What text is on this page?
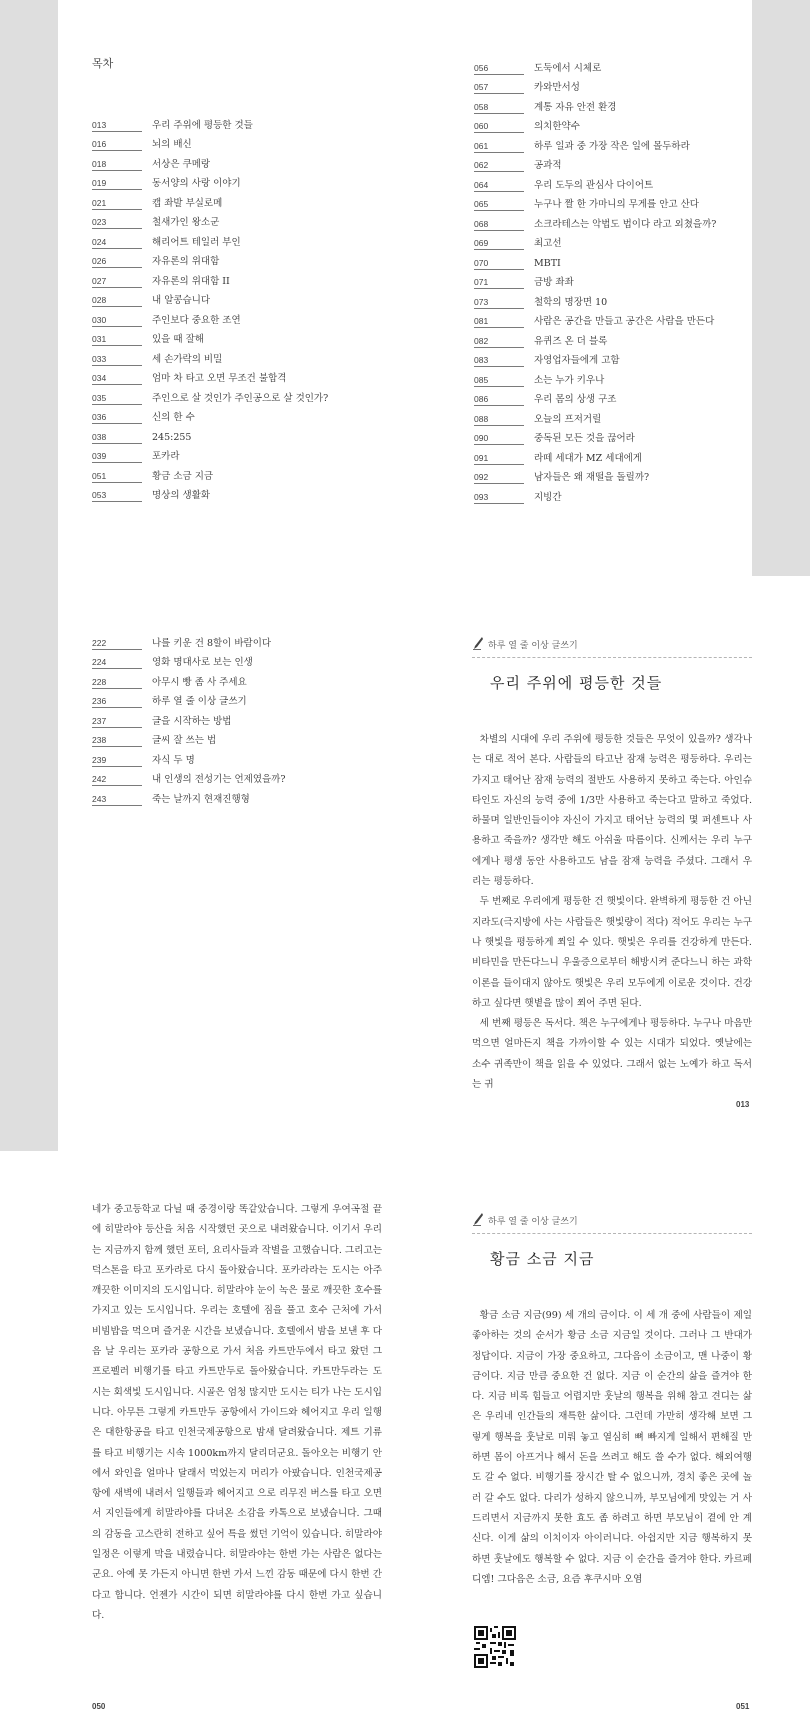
목차
013	우리 주위에 평등한 것들
016	뇌의 배신
018	서상은 쿠메랑
019	동서양의 사랑 이야기
021	캡 좌발 부실로메
023	철새가인 왕소군
024	해리어트 테일러 부인
026	자유론의 위대함
027	자유론의 위대함 II
028	내 알콩습니다
030	주인보다 중요한 조연
031	있을 때 잘해
033	세 손가락의 비밀
034	엄마 차 타고 오면 무조건 불합격
035	주인으로 살 것인가 주인공으로 살 것인가?
036	신의 한 수
038	245:255
039	포카라
051	황금 소금 지금
053	명상의 생활화
056	도둑에서 시체로
057	카와만서성
058	계통 자유 안전 환경
060	의치한약수
061	하루 일과 중 가장 작은 일에 몰두하라
062	공과적
064	우리 도두의 관심사 다이어트
065	누구나 짤 한 가마니의 무게를 안고 산다
068	소크라테스는 악법도 법이다 라고 외쳤을까?
069	최고선
070	MBTI
071	금방 좌좌
073	철학의 명장면 10
081	사람은 공간을 만들고 공간은 사람을 만든다
082	유퀴즈 온 더 블록
083	자영업자들에게 고함
085	소는 누가 키우나
086	우리 몸의 상생 구조
088	오늘의 프저거릴
090	중독된 모든 것을 끊어라
091	라떼 세대가 MZ 세대에게
092	남자들은 왜 재떨을 돌릴까?
093	지빙간
222	나를 키운 건 8할이 바람이다
224	영화 명대사로 보는 인생
228	아무시 빵 좀 사 주세요
236	하루 열 줄 이상 글쓰기
237	글을 시작하는 방법
238	글씨 잘 쓰는 법
239	자식 두 명
242	내 인생의 전성기는 언제였을까?
243	죽는 날까지 현재진행형
하루 열 줄 이상 글쓰기
우리 주위에 평등한 것들

차별의 시대에 우리 주위에 평등한 것들은 무엇이 있을까? 생각나는 대로 적어 본다. 사람들의 타고난 잠재 능력은 평등하다. 우리는 가지고 태어난 잠재 능력의 절반도 사용하지 못하고 죽는다. 아인슈타인도 자신의 능력 중에 1/3만 사용하고 죽는다고 말하고 죽었다. 하물며 일반인들이야 자신이 가지고 태어난 능력의 몇 퍼센트나 사용하고 죽을까? 생각만 해도 아쉬울 따름이다. 신께서는 우리 누구에게나 평생 동안 사용하고도 남을 잠재 능력을 주셨다. 그래서 우리는 평등하다.

두 번째로 우리에게 평등한 건 햇빛이다. 완벽하게 평등한 건 아닌 지라도(극지방에 사는 사람들은 햇빛량이 적다) 적어도 우리는 누구나 햇빛을 평등하게 쬐일 수 있다. 햇빛은 우리를 건강하게 만든다. 비타민을 만든다느니 우울증으로부터 해방시켜 준다느니 하는 과학 이론을 들이대지 않아도 햇빛은 우리 모두에게 이로운 것이다. 건강하고 싶다면 햇볕을 많이 쬐어 주면 된다.

세 번째 평등은 독서다. 책은 누구에게나 평등하다. 누구나 마음만 먹으면 얼마든지 책을 가까이할 수 있는 시대가 되었다. 옛날에는 소수 귀족만이 책을 읽을 수 있었다. 그래서 없는 노예가 하고 독서는 귀

013

네가 중고등학교 다닐 때 중경이랑 똑같았습니다. 그렇게 우여곡절 끝에 히말라야 등산을 처음 시작했던 곳으로 내려왔습니다. 이기서 우리는 지금까지 함께 했던 포터, 요리사들과 작별을 고했습니다. 그리고는 덕스톤을 타고 포카라로 다시 돌아왔습니다. 포카라라는 도시는 아주 깨끗한 이미지의 도시입니다. 히말라야 눈이 녹은 물로 깨끗한 호수를 가지고 있는 도시입니다. 우리는 호텔에 짐을 풀고 호수 근처에 가서 비빔밥을 먹으며 즐거운 시간을 보냈습니다. 호텔에서 밤을 보낸 후 다음 날 우리는 포카라 공항으로 가서 처음 카트만두에서 타고 왔던 그 프로펠러 비행기를 타고 카트만두로 돌아왔습니다. 카트만두라는 도시는 회색빛 도시입니다. 시골은 엄청 많지만 도시는 티가 나는 도시입니다. 아무튼 그렇게 카트만두 공항에서 가이드와 헤어지고 우리 일행은 대한항공을 타고 인천국제공항으로 밤새 달려왔습니다. 제트 기류를 타고 비행기는 시속 1000km까지 달리더군요. 돌아오는 비행기 안에서 와인을 얼마나 달래서 먹었는지 머리가 아팠습니다. 인천국제공항에 새벽에 내려서 일행들과 헤어지고 으로 리무진 버스를 타고 오면서 지인들에게 히말라야를 다녀온 소감을 카톡으로 보냈습니다. 그때의 감동을 고스란히 전하고 싶어 특을 썼던 기억이 있습니다. 히말라야 일정은 이렇게 막을 내렸습니다. 히말라야는 한번 가는 사람은 없다는군요. 아예 못 가든지 아니면 한번 가서 느낀 감동 때문에 다시 한번 간다고 합니다. 언젠가 시간이 되면 히말라야를 다시 한번 가고 싶습니다.

050
하루 열 줄 이상 글쓰기
황금 소금 지금

황금 소금 지금(99) 세 개의 금이다. 이 세 개 중에 사람들이 제일 좋아하는 것의 순서가 황금 소금 지금일 것이다. 그러나 그 반대가 정답이다. 지금이 가장 중요하고, 그다음이 소금이고, 맨 나중이 황금이다. 지금 만큼 중요한 건 없다. 지금 이 순간의 삶을 즐겨야 한다. 지금 비록 힘들고 어렵지만 훗날의 행복을 위해 참고 견디는 삶은 우리네 인간들의 재특한 삶이다. 그런데 가만히 생각해 보면 그렇게 행복을 훗날로 미뤄 놓고 열심히 뼈 빠지게 일해서 편해질 만하면 몸이 아프거나 해서 돈을 쓰려고 해도 쓸 수가 없다. 해외여행도 갈 수 없다. 비행기를 장시간 탈 수 없으니까, 경치 좋은 곳에 놀러 갈 수도 없다. 다리가 성하지 않으니까, 부모님에게 맛있는 거 사 드리면서 지금까지 못한 효도 좀 하려고 하면 부모님이 곁에 안 계신다. 이게 삶의 이치이자 아이러니다. 아쉽지만 지금 행복하지 못하면 훗날에도 행복할 수 없다. 지금 이 순간을 즐겨야 한다. 카르페 디엠! 그다음은 소금, 요즘 후쿠시마 오염

051
